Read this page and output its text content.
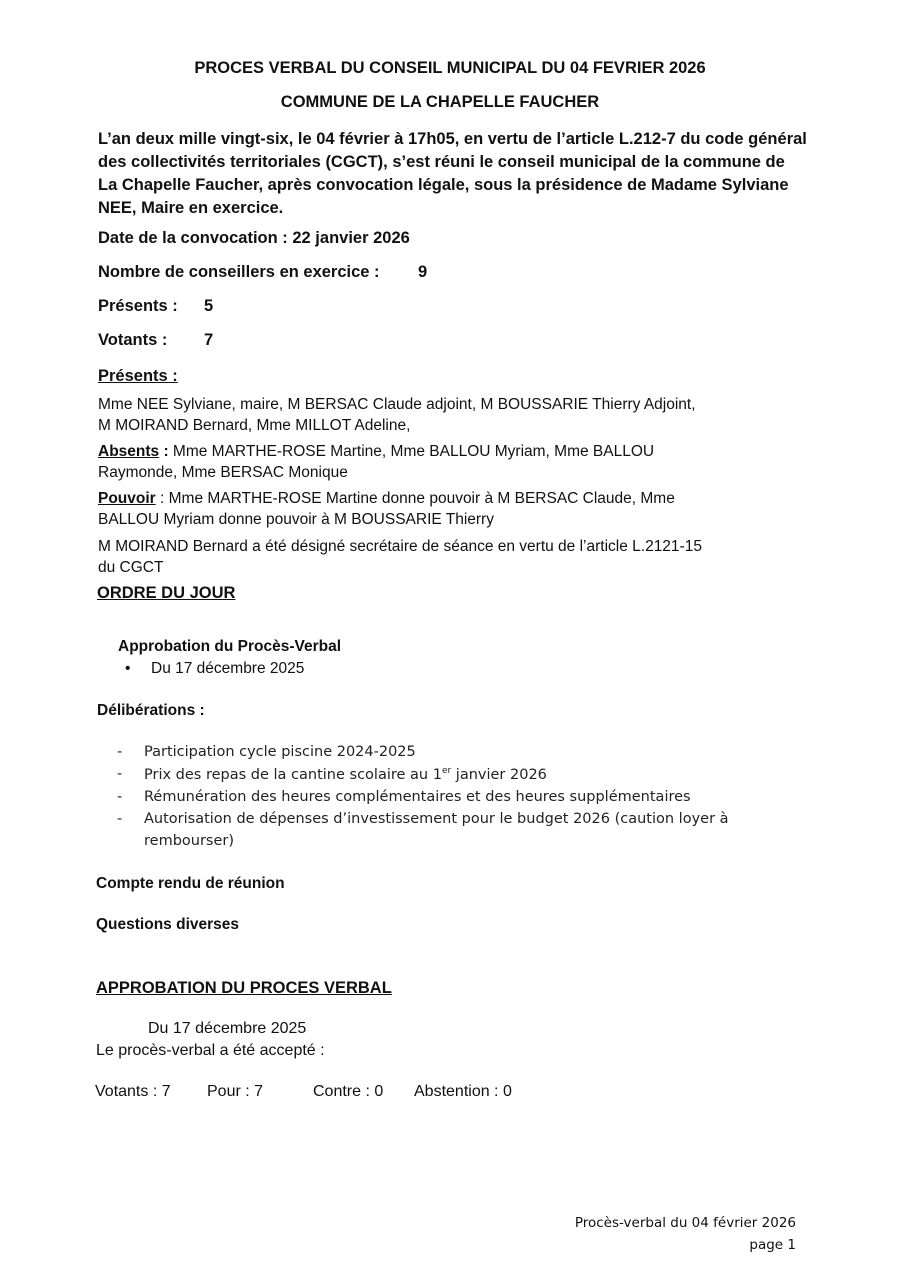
PROCES VERBAL DU CONSEIL MUNICIPAL DU 04 FEVRIER 2026
COMMUNE DE LA CHAPELLE FAUCHER
L’an deux mille vingt-six, le 04 février à 17h05, en vertu de l’article L.212-7 du code général des collectivités territoriales (CGCT), s’est réuni le conseil municipal de la commune de La Chapelle Faucher, après convocation légale, sous la présidence de Madame Sylviane NEE, Maire en exercice.
Date de la convocation : 22 janvier 2026
Nombre de conseillers en exercice : 9
Présents : 5
Votants : 7
Présents :
Mme NEE Sylviane, maire, M BERSAC Claude adjoint, M BOUSSARIE Thierry Adjoint,
M MOIRAND Bernard, Mme MILLOT Adeline,
Absents : Mme MARTHE-ROSE Martine, Mme BALLOU Myriam, Mme BALLOU
Raymonde, Mme BERSAC Monique
Pouvoir : Mme MARTHE-ROSE Martine donne pouvoir à M BERSAC Claude, Mme
BALLOU Myriam donne pouvoir à M BOUSSARIE Thierry
M MOIRAND Bernard a été désigné secrétaire de séance en vertu de l’article L.2121-15
du CGCT
ORDRE DU JOUR
Approbation du Procès-Verbal
• Du 17 décembre 2025
Délibérations :
- Participation cycle piscine 2024-2025
- Prix des repas de la cantine scolaire au 1er janvier 2026
- Rémunération des heures complémentaires et des heures supplémentaires
- Autorisation de dépenses d’investissement pour le budget 2026 (caution loyer à
rembourser)
Compte rendu de réunion
Questions diverses
APPROBATION DU PROCES VERBAL
Du 17 décembre 2025
Le procès-verbal a été accepté :
Votants : 7 Pour : 7	Contre : 0 Abstention : 0
Procès-verbal du 04 février 2026
page 1
